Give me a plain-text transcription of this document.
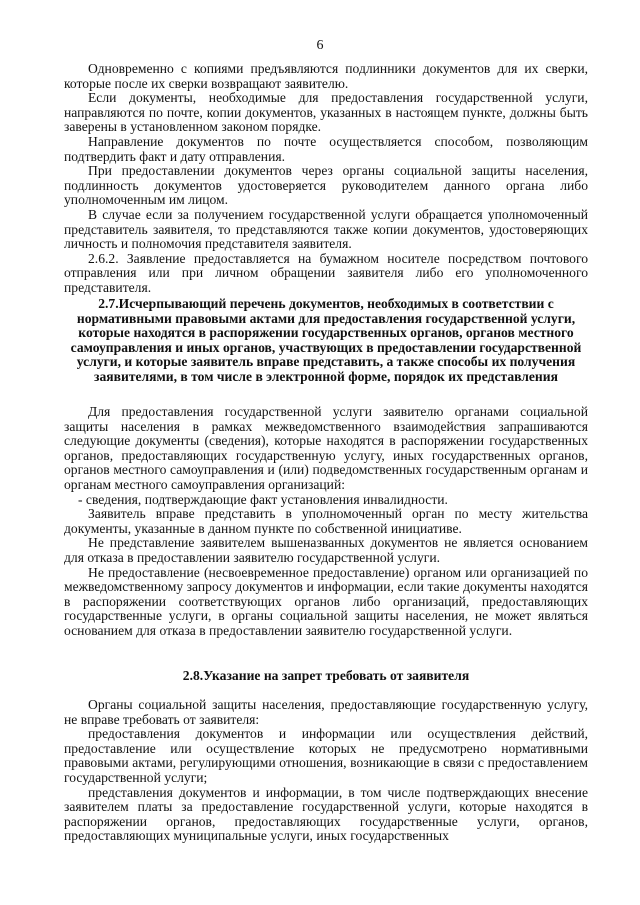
6

Одновременно с копиями предъявляются подлинники документов для их сверки, которые после их сверки возвращают заявителю.

Если документы, необходимые для предоставления государственной услуги, направляются по почте, копии документов, указанных в настоящем пункте, должны быть заверены в установленном законом порядке.

Направление документов по почте осуществляется способом, позволяющим подтвердить факт и дату отправления.

При предоставлении документов через органы социальной защиты населения, подлинность документов удостоверяется руководителем данного органа либо уполномоченным им лицом.

В случае если за получением государственной услуги обращается уполномоченный представитель заявителя, то представляются также копии документов, удостоверяющих личность и полномочия представителя заявителя.

2.6.2. Заявление предоставляется на бумажном носителе посредством почтового отправления или при личном обращении заявителя либо его уполномоченного представителя.

2.7.Исчерпывающий перечень документов, необходимых в соответствии с нормативными правовыми актами для предоставления государственной услуги, которые находятся в распоряжении государственных органов, органов местного самоуправления и иных органов, участвующих в предоставлении государственной услуги, и которые заявитель вправе представить, а также способы их получения заявителями, в том числе в электронной форме, порядок их представления

Для предоставления государственной услуги заявителю органами социальной защиты населения в рамках межведомственного взаимодействия запрашиваются следующие документы (сведения), которые находятся в распоряжении государственных органов, предоставляющих государственную услугу, иных государственных органов, органов местного самоуправления и (или) подведомственных государственным органам и органам местного самоуправления организаций:

- сведения, подтверждающие факт установления инвалидности.

Заявитель вправе представить в уполномоченный орган по месту жительства документы, указанные в данном пункте по собственной инициативе.

Не представление заявителем вышеназванных документов не является основанием для отказа в предоставлении заявителю государственной услуги.

Не предоставление (несвоевременное предоставление) органом или организацией по межведомственному запросу документов и информации, если такие документы находятся в распоряжении соответствующих органов либо организаций, предоставляющих государственные услуги, в органы социальной защиты населения, не может являться основанием для отказа в предоставлении заявителю государственной услуги.

2.8.Указание на запрет требовать от заявителя

Органы социальной защиты населения, предоставляющие государственную услугу, не вправе требовать от заявителя:

предоставления документов и информации или осуществления действий, предоставление или осуществление которых не предусмотрено нормативными правовыми актами, регулирующими отношения, возникающие в связи с предоставлением государственной услуги;

представления документов и информации, в том числе подтверждающих внесение заявителем платы за предоставление государственной услуги, которые находятся в распоряжении органов, предоставляющих государственные услуги, органов, предоставляющих муниципальные услуги, иных государственных
